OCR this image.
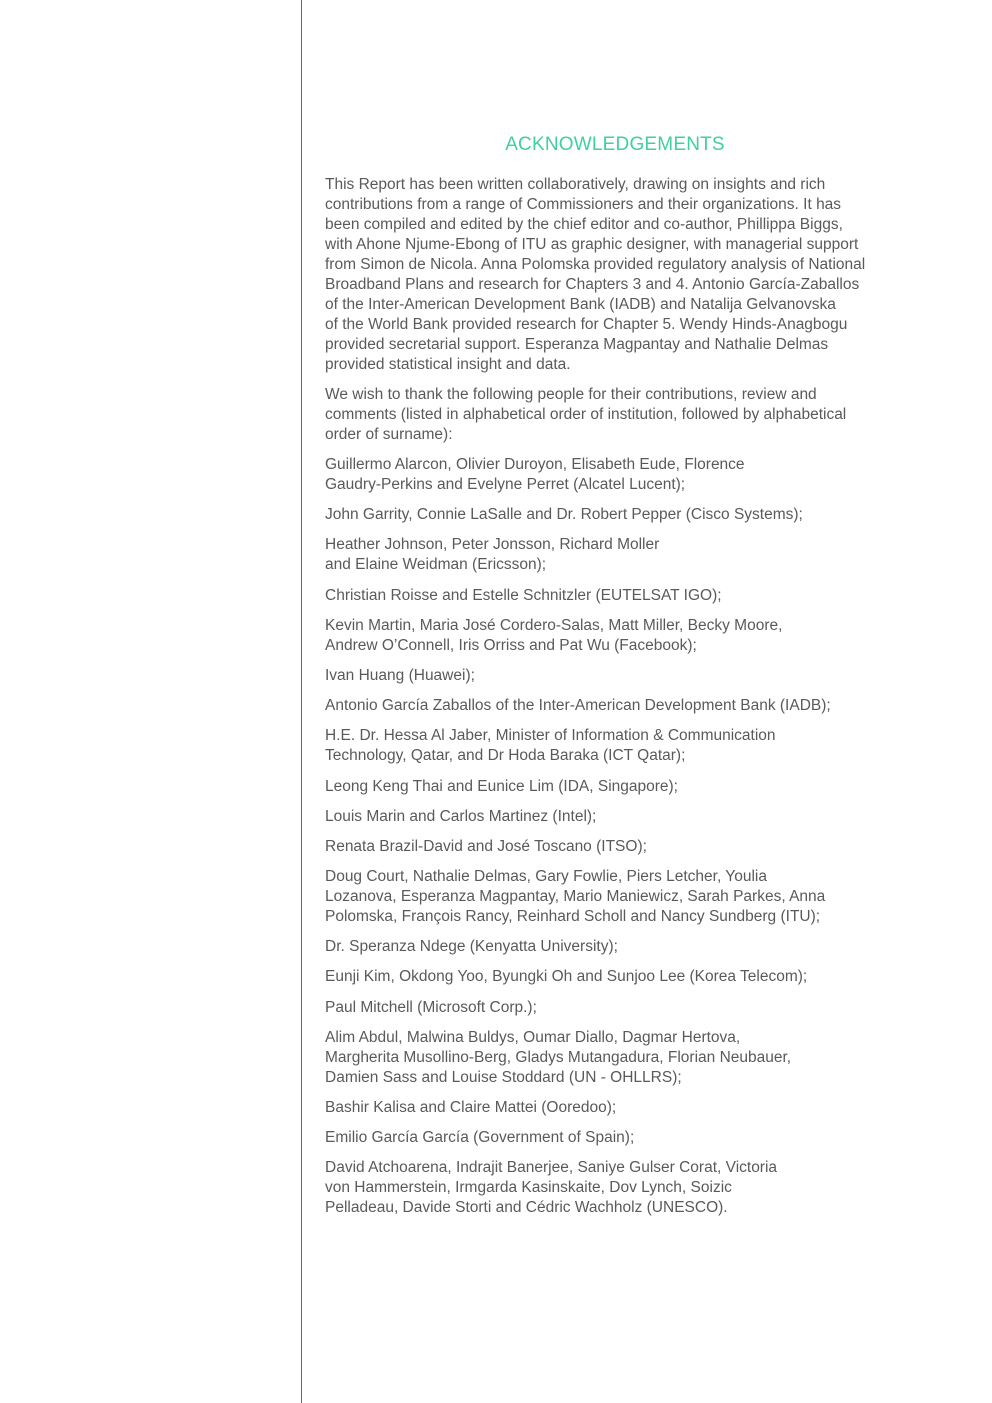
ACKNOWLEDGEMENTS

This Report has been written collaboratively, drawing on insights and rich
contributions from a range of Commissioners and their organizations. It has
been compiled and edited by the chief editor and co-author, Phillippa Biggs,
with Ahone Njume-Ebong of ITU as graphic designer, with managerial support
from Simon de Nicola. Anna Polomska provided regulatory analysis of National
Broadband Plans and research for Chapters 3 and 4. Antonio García-Zaballos
of the Inter-American Development Bank (IADB) and Natalija Gelvanovska
of the World Bank provided research for Chapter 5. Wendy Hinds-Anagbogu
provided secretarial support. Esperanza Magpantay and Nathalie Delmas
provided statistical insight and data.

We wish to thank the following people for their contributions, review and
comments (listed in alphabetical order of institution, followed by alphabetical
order of surname):

Guillermo Alarcon, Olivier Duroyon, Elisabeth Eude, Florence
Gaudry-Perkins and Evelyne Perret (Alcatel Lucent);
John Garrity, Connie LaSalle and Dr. Robert Pepper (Cisco Systems);
Heather Johnson, Peter Jonsson, Richard Moller
and Elaine Weidman (Ericsson);
Christian Roisse and Estelle Schnitzler (EUTELSAT IGO);
Kevin Martin, Maria José Cordero-Salas, Matt Miller, Becky Moore,
Andrew O’Connell, Iris Orriss and Pat Wu (Facebook);
Ivan Huang (Huawei);
Antonio García Zaballos of the Inter-American Development Bank (IADB);
H.E. Dr. Hessa Al Jaber, Minister of Information & Communication
Technology, Qatar, and Dr Hoda Baraka (ICT Qatar);
Leong Keng Thai and Eunice Lim (IDA, Singapore);
Louis Marin and Carlos Martinez (Intel);
Renata Brazil-David and José Toscano (ITSO);
Doug Court, Nathalie Delmas, Gary Fowlie, Piers Letcher, Youlia
Lozanova, Esperanza Magpantay, Mario Maniewicz, Sarah Parkes, Anna
Polomska, François Rancy, Reinhard Scholl and Nancy Sundberg (ITU);
Dr. Speranza Ndege (Kenyatta University);
Eunji Kim, Okdong Yoo, Byungki Oh and Sunjoo Lee (Korea Telecom);
Paul Mitchell (Microsoft Corp.);
Alim Abdul, Malwina Buldys, Oumar Diallo, Dagmar Hertova,
Margherita Musollino-Berg, Gladys Mutangadura, Florian Neubauer,
Damien Sass and Louise Stoddard (UN - OHLLRS);
Bashir Kalisa and Claire Mattei (Ooredoo);
Emilio García García (Government of Spain);
David Atchoarena, Indrajit Banerjee, Saniye Gulser Corat, Victoria
von Hammerstein, Irmgarda Kasinskaite, Dov Lynch, Soizic
Pelladeau, Davide Storti and Cédric Wachholz (UNESCO).
